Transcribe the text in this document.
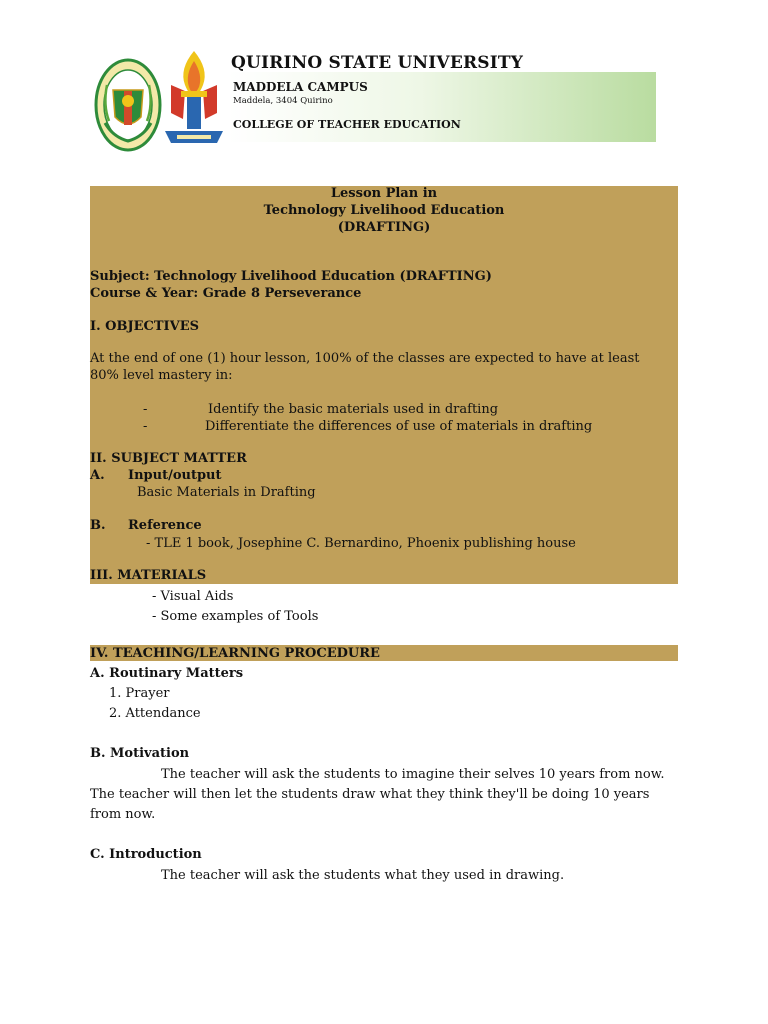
QUIRINO STATE UNIVERSITY
MADDELA CAMPUS
Maddela, 3404 Quirino
COLLEGE OF TEACHER EDUCATION
Lesson Plan in
Technology Livelihood Education
(DRAFTING)
Subject: Technology Livelihood Education (DRAFTING)
Course & Year: Grade 8 Perseverance
I. OBJECTIVES
At the end of one (1) hour lesson, 100% of the classes are expected to have at least
80% level mastery in:
-	Identify the basic materials used in drafting
-	Differentiate the differences of use of materials in drafting
II. SUBJECT MATTER
A. Input/output
Basic Materials in Drafting
B. Reference
- TLE 1 book, Josephine C. Bernardino, Phoenix publishing house
III. MATERIALS
- Visual Aids
- Some examples of Tools
IV. TEACHING/LEARNING PROCEDURE
A. Routinary Matters
1. Prayer
2. Attendance
B. Motivation
The teacher will ask the students to imagine their selves 10 years from now.
The teacher will then let the students draw what they think they'll be doing 10 years
from now.
C. Introduction
The teacher will ask the students what they used in drawing.
